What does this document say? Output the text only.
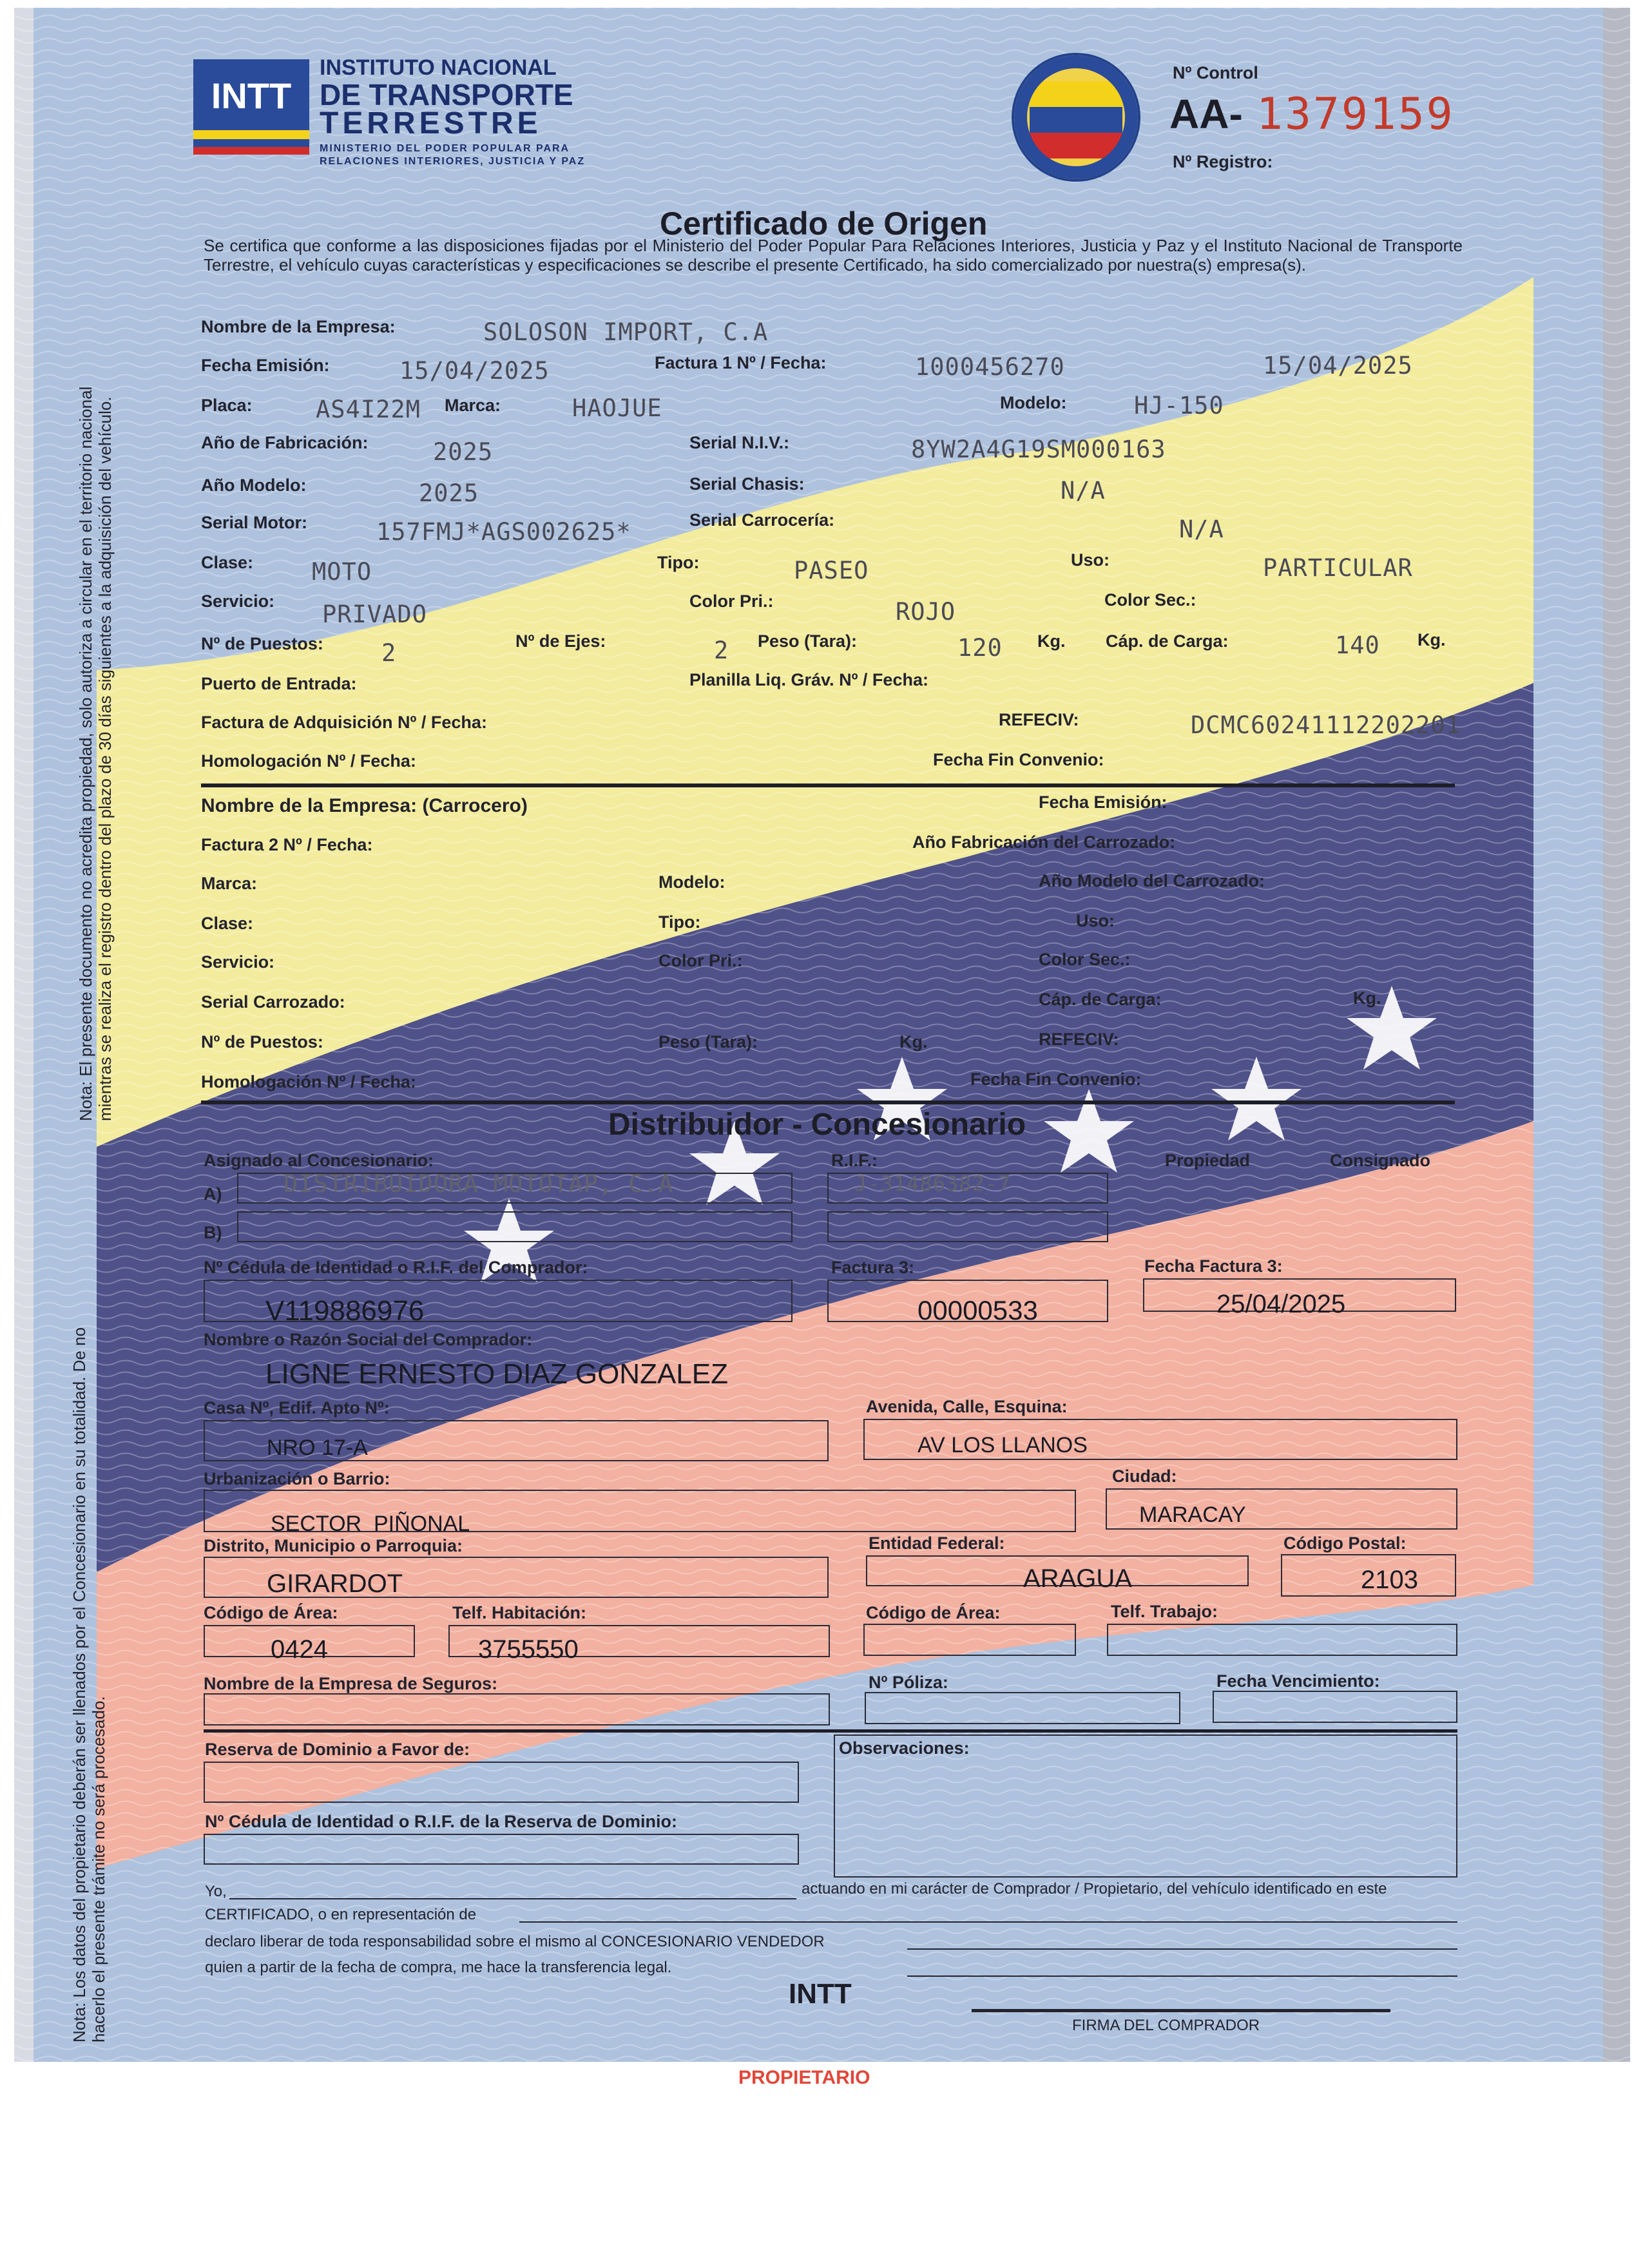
INTT
INSTITUTO NACIONAL
DE TRANSPORTE
TERRESTRE
MINISTERIO DEL PODER POPULAR PARA
RELACIONES INTERIORES, JUSTICIA Y PAZ
Nº Control
AA- 1379159
Nº Registro:
Certificado de Origen
Se certifica que conforme a las disposiciones fijadas por el Ministerio del Poder Popular Para Relaciones Interiores, Justicia y Paz y el Instituto Nacional de Transporte Terrestre, el vehículo cuyas características y especificaciones se describe el presente Certificado, ha sido comercializado por nuestra(s) empresa(s).
Nota: El presente documento no acredita propiedad, solo autoriza a circular en el territorio nacional mientras se realiza el registro dentro del plazo de 30 días siguientes a la adquisición del vehículo.
Nota: Los datos del propietario deberán ser llenados por el Concesionario en su totalidad. De no hacerlo el presente trámite no será procesado.
Nombre de la Empresa:	SOLOSON IMPORT, C.A
Fecha Emisión:	15/04/2025	Factura 1 Nº / Fecha:	1000456270	15/04/2025
Placa:	AS4I22M Marca:	HAOJUE	Modelo:	HJ-150
Año de Fabricación:	2025	Serial N.I.V.:	8YW2A4G19SM000163
Año Modelo:	2025	Serial Chasis:	N/A
Serial Motor:	157FMJ*AGS002625*	Serial Carrocería:	N/A
Clase: MOTO	Tipo:	PASEO	Uso:	PARTICULAR
Servicio: PRIVADO	Color Pri.:	ROJO	Color Sec.:
Nº de Puestos: 2	Nº de Ejes:	2 Peso (Tara):	120 Kg. Cáp. de Carga:	140 Kg.
Puerto de Entrada:	Planilla Liq. Gráv. Nº / Fecha:
Factura de Adquisición Nº / Fecha:	REFECIV:	DCMC60241112202201
Homologación Nº / Fecha:	Fecha Fin Convenio:
Nombre de la Empresa: (Carrocero)	Fecha Emisión:
Factura 2 Nº / Fecha:	Año Fabricación del Carrozado:
Marca:	Modelo:	Año Modelo del Carrozado:
Clase:	Tipo:	Uso:
Servicio:	Color Pri.:	Color Sec.:
Serial Carrozado:	Cáp. de Carga:	Kg.
Nº de Puestos:	Peso (Tara):	Kg.	REFECIV:
Homologación Nº / Fecha:	Fecha Fin Convenio:
Distribuidor - Concesionario
Asignado al Concesionario:	R.I.F.:	Propiedad	Consignado
A)	DISTRIBUIDORA MOTOTAP, C.A	J-31486382-7
B)
Nº Cédula de Identidad o R.I.F. del Comprador:
V119886976
Factura 3:
00000533
Fecha Factura 3:
25/04/2025
Nombre o Razón Social del Comprador:
LIGNE ERNESTO DIAZ GONZALEZ
Casa Nº, Edif. Apto Nº:
NRO 17-A
Avenida, Calle, Esquina:
AV LOS LLANOS
Urbanización o Barrio:
SECTOR  PIÑONAL
Ciudad:
MARACAY
Distrito, Municipio o Parroquia:
GIRARDOT
Entidad Federal:
ARAGUA
Código Postal:
2103
Código de Área:
0424
Telf. Habitación:
3755550
Código de Área:	Telf. Trabajo:
Nombre de la Empresa de Seguros:	Nº Póliza:	Fecha Vencimiento:
Reserva de Dominio a Favor de:	Observaciones:
Nº Cédula de Identidad o R.I.F. de la Reserva de Dominio:
Yo,	actuando en mi carácter de Comprador / Propietario, del vehículo identificado en este
CERTIFICADO, o en representación de
declaro liberar de toda responsabilidad sobre el mismo al CONCESIONARIO VENDEDOR
quien a partir de la fecha de compra, me hace la transferencia legal.
INTT
FIRMA DEL COMPRADOR
PROPIETARIO
